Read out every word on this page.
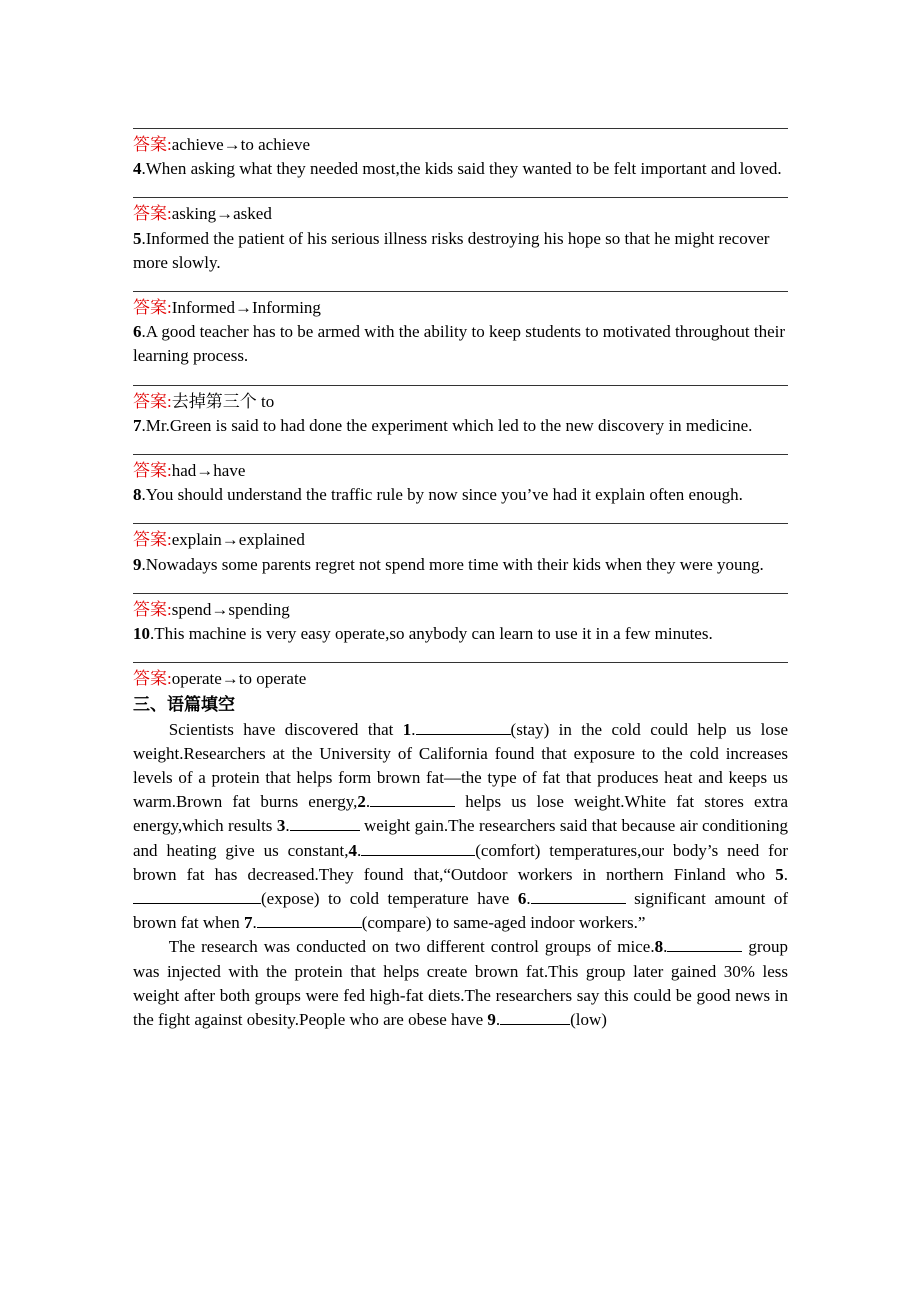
答案:achieve→to achieve

4.When asking what they needed most,the kids said they wanted to be felt important and loved.

答案:asking→asked

5.Informed the patient of his serious illness risks destroying his hope so that he might recover more slowly.

答案:Informed→Informing

6.A good teacher has to be armed with the ability to keep students to motivated throughout their learning process.

答案:去掉第三个 to

7.Mr.Green is said to had done the experiment which led to the new discovery in medicine.

答案:had→have

8.You should understand the traffic rule by now since you’ve had it explain often enough.

答案:explain→explained

9.Nowadays some parents regret not spend more time with their kids when they were young.

答案:spend→spending

10.This machine is very easy operate,so anybody can learn to use it in a few minutes.

答案:operate→to operate

三、语篇填空

Scientists have discovered that 1.	(stay) in the cold could help us lose weight.Researchers at the University of California found that exposure to the cold increases levels of a protein that helps form brown fat—the type of fat that produces heat and keeps us warm.Brown fat burns energy,2.	helps us lose weight.White fat stores extra energy,which results 3.	weight gain.The researchers said that because air conditioning and heating give us constant,4.	(comfort) temperatures,our body’s need for brown fat has decreased.They found that,“Outdoor workers in northern Finland who 5.(expose) to cold temperature have 6.	significant amount of brown fat when 7.	(compare) to same-aged indoor workers.”

The research was conducted on two different control groups of mice.8.	group was injected with the protein that helps create brown fat.This group later gained 30% less weight after both groups were fed high-fat diets.The researchers say this could be good news in the fight against obesity.People who are obese have 9.	(low)
